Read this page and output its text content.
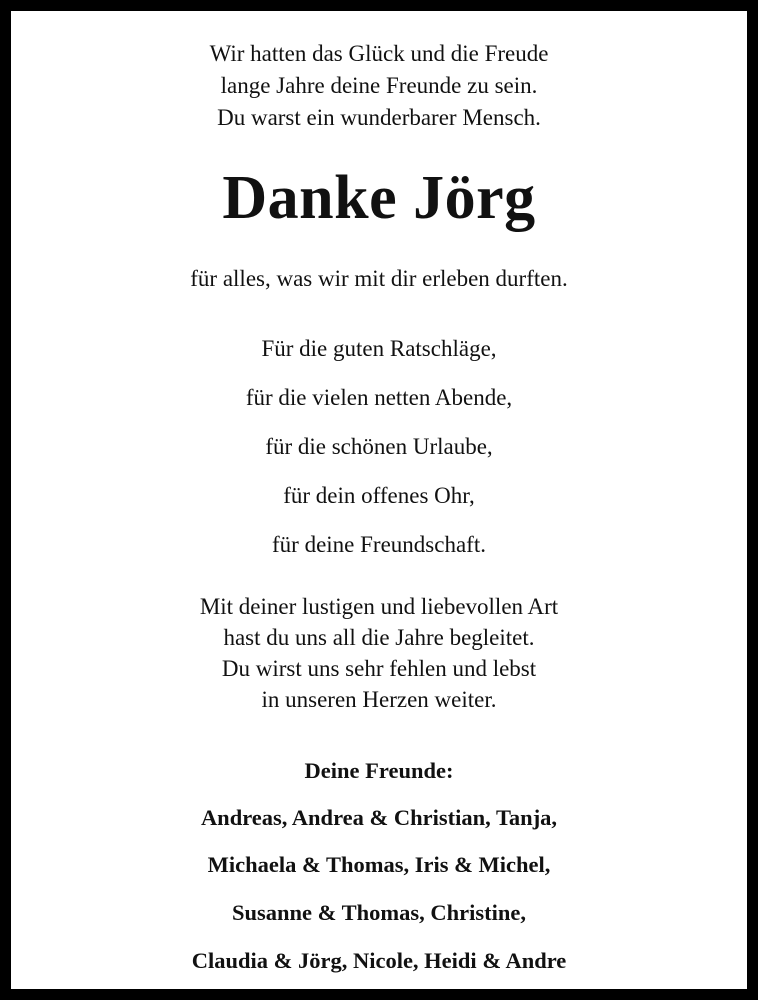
Wir hatten das Glück und die Freude

lange Jahre deine Freunde zu sein.

Du warst ein wunderbarer Mensch.

Danke Jörg

für alles, was wir mit dir erleben durften.

Für die guten Ratschläge,

für die vielen netten Abende,

für die schönen Urlaube,

für dein offenes Ohr,

für deine Freundschaft.

Mit deiner lustigen und liebevollen Art

hast du uns all die Jahre begleitet.

Du wirst uns sehr fehlen und lebst

in unseren Herzen weiter.

Deine Freunde:

Andreas, Andrea & Christian, Tanja,

Michaela & Thomas, Iris & Michel,

Susanne & Thomas, Christine,

Claudia & Jörg, Nicole, Heidi & Andre
